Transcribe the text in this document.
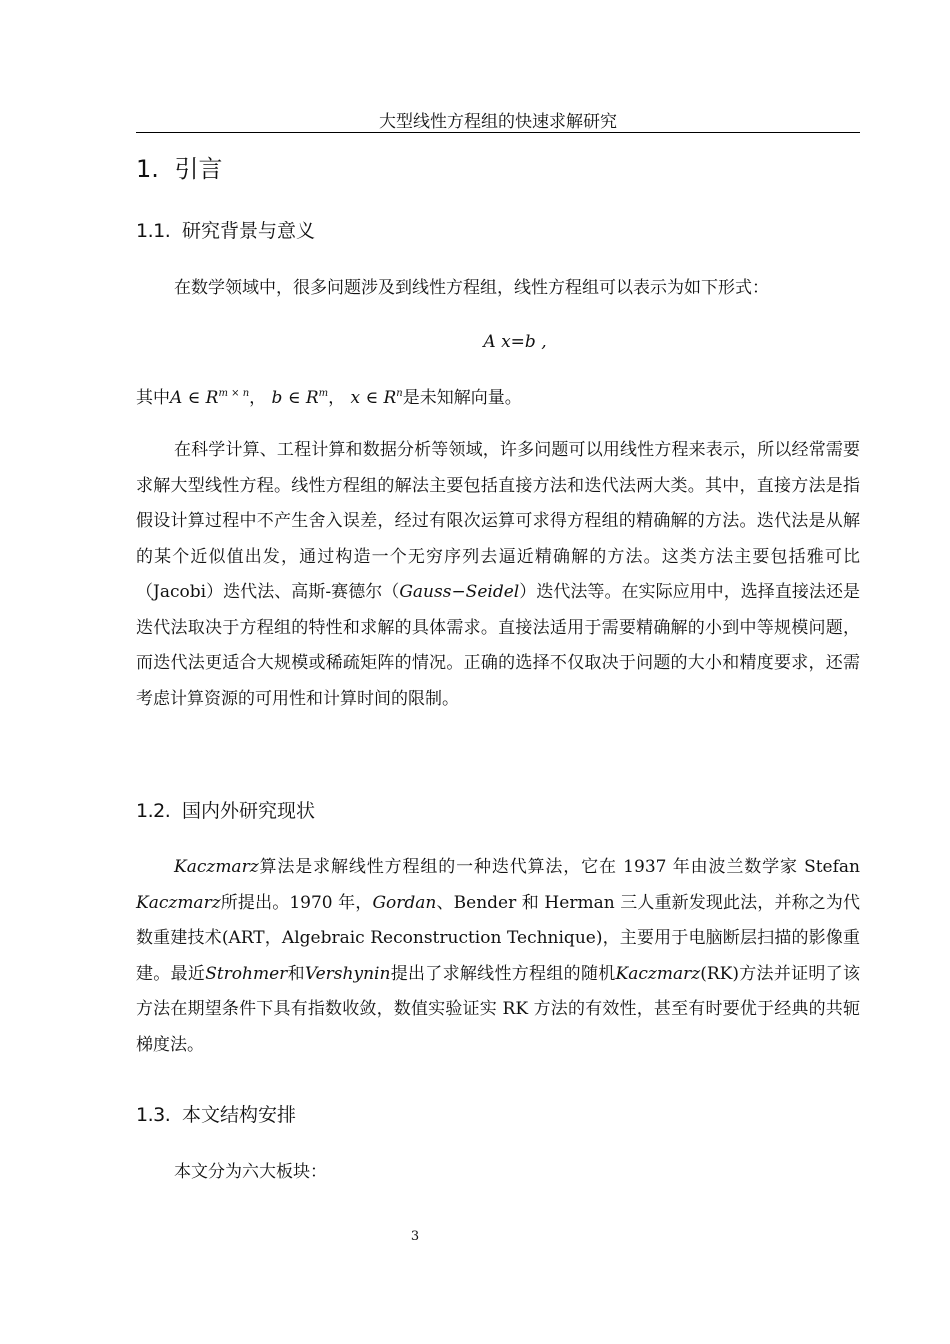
大型线性方程组的快速求解研究
1. 引言
1.1. 研究背景与意义
在数学领域中，很多问题涉及到线性方程组，线性方程组可以表示为如下形式：
A x=b ,
其中A ∈ $R^{m \times n}$， b ∈ $R^m$， x ∈ $R^n$是未知解向量。
在科学计算、工程计算和数据分析等领域，许多问题可以用线性方程来表示，所以经常需要求解大型线性方程。线性方程组的解法主要包括直接方法和迭代法两大类。其中，直接方法是指假设计算过程中不产生舍入误差，经过有限次运算可求得方程组的精确解的方法。迭代法是从解的某个近似值出发，通过构造一个无穷序列去逼近精确解的方法。这类方法主要包括雅可比（Jacobi）迭代法、高斯-赛德尔（Gauss−Seidel）迭代法等。在实际应用中，选择直接法还是迭代法取决于方程组的特性和求解的具体需求。直接法适用于需要精确解的小到中等规模问题，而迭代法更适合大规模或稀疏矩阵的情况。正确的选择不仅取决于问题的大小和精度要求，还需考虑计算资源的可用性和计算时间的限制。
1.2. 国内外研究现状
Kaczmarz算法是求解线性方程组的一种迭代算法，它在 1937 年由波兰数学家 Stefan Kaczmarz所提出。1970 年，Gordan、Bender 和 Herman 三人重新发现此法，并称之为代数重建技术(ART，Algebraic Reconstruction Technique)，主要用于电脑断层扫描的影像重建。最近Strohmer和Vershynin提出了求解线性方程组的随机Kaczmarz(RK)方法并证明了该方法在期望条件下具有指数收敛，数值实验证实 RK 方法的有效性，甚至有时要优于经典的共轭梯度法。
1.3. 本文结构安排
本文分为六大板块：
3
